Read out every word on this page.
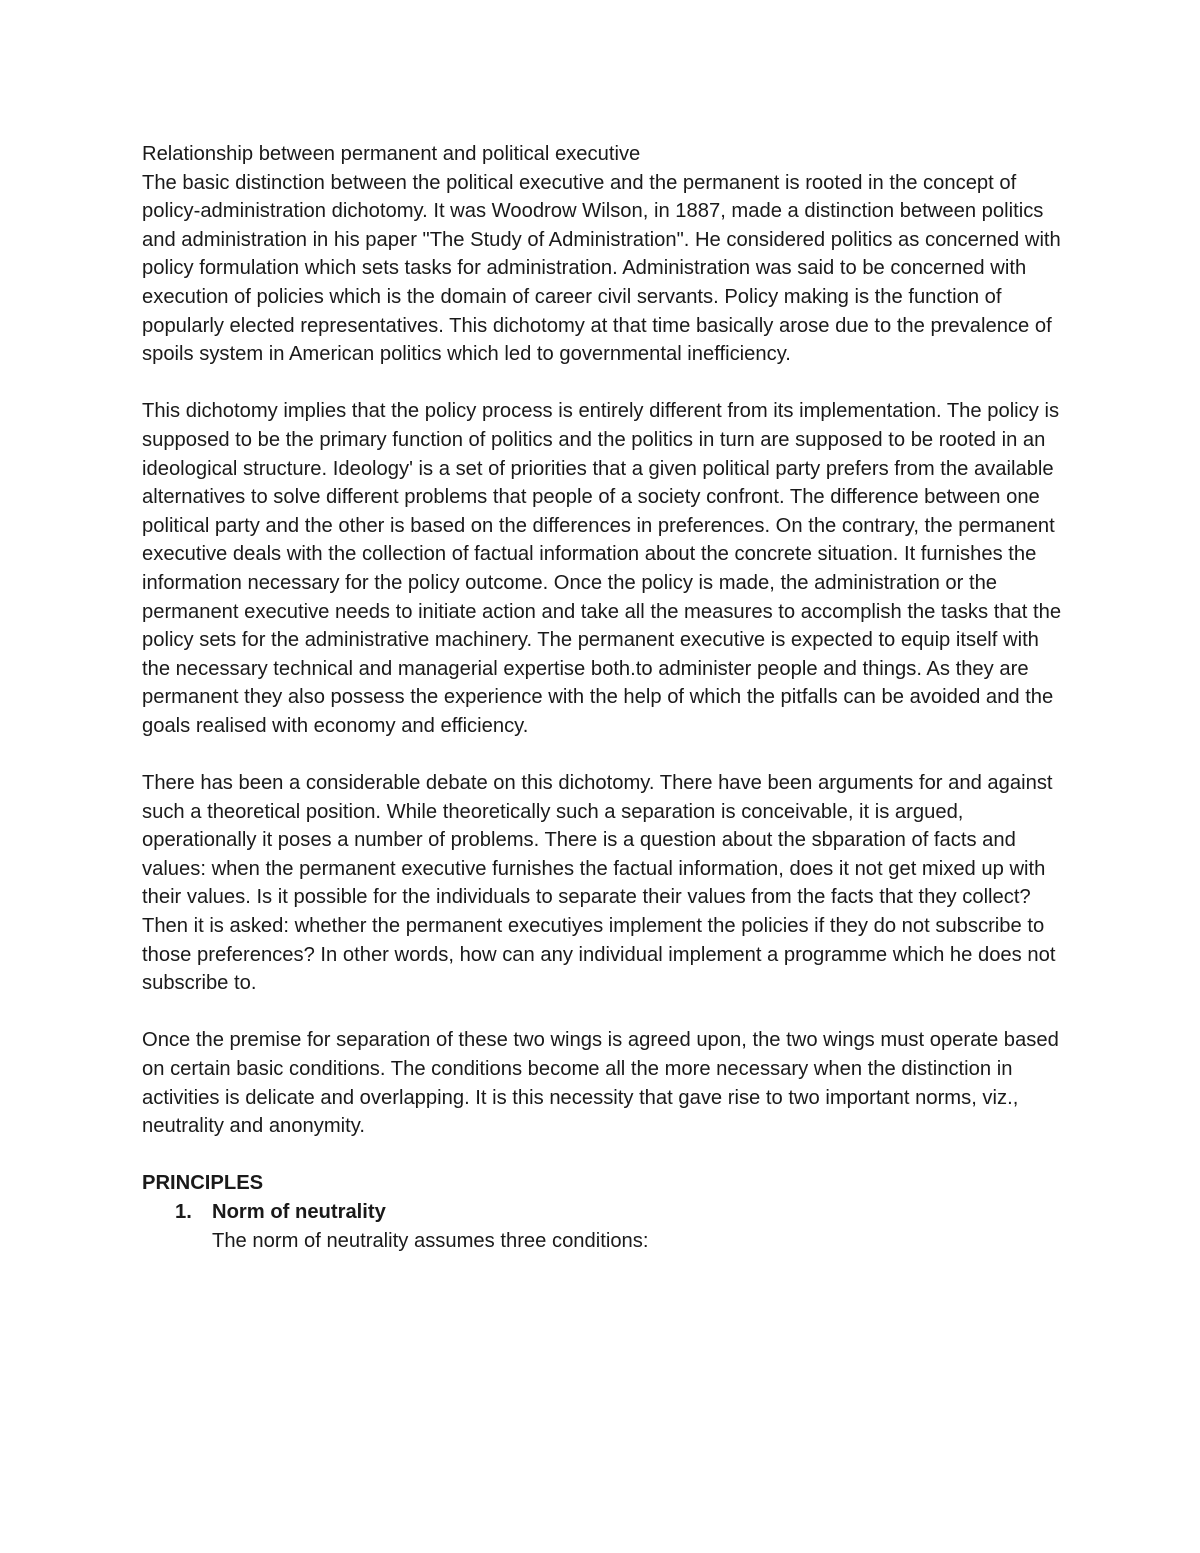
Relationship between permanent and political executive

The basic distinction between the political executive and the permanent is rooted in the concept of policy-administration dichotomy. It was Woodrow Wilson, in 1887, made a distinction between politics and administration in his paper "The Study of Administration". He considered politics as concerned with policy formulation which sets tasks for administration. Administration was said to be concerned with execution of policies which is the domain of career civil servants. Policy making is the function of popularly elected representatives. This dichotomy at that time basically arose due to the prevalence of spoils system in American politics which led to governmental inefficiency.

This dichotomy implies that the policy process is entirely different from its implementation. The policy is supposed to be the primary function of politics and the politics in turn are supposed to be rooted in an ideological structure. Ideology' is a set of priorities that a given political party prefers from the available alternatives to solve different problems that people of a society confront. The difference between one political party and the other is based on the differences in preferences. On the contrary, the permanent executive deals with the collection of factual information about the concrete situation. It furnishes the information necessary for the policy outcome. Once the policy is made, the administration or the permanent executive needs to initiate action and take all the measures to accomplish the tasks that the policy sets for the administrative machinery. The permanent executive is expected to equip itself with the necessary technical and managerial expertise both.to administer people and things. As they are permanent they also possess the experience with the help of which the pitfalls can be avoided and the goals realised with economy and efficiency.

There has been a considerable debate on this dichotomy. There have been arguments for and against such a theoretical position. While theoretically such a separation is conceivable, it is argued, operationally it poses a number of problems. There is a question about the sbparation of facts and values: when the permanent executive furnishes the factual information, does it not get mixed up with their values. Is it possible for the individuals to separate their values from the facts that they collect? Then it is asked: whether the permanent executiyes implement the policies if they do not subscribe to those preferences? In other words, how can any individual implement a programme which he does not subscribe to.

Once the premise for separation of these two wings is agreed upon, the two wings must operate based on certain basic conditions. The conditions become all the more necessary when the distinction in activities is delicate and overlapping. It is this necessity that gave rise to two important norms, viz., neutrality and anonymity.

PRINCIPLES

1. Norm of neutrality
The norm of neutrality assumes three conditions:
